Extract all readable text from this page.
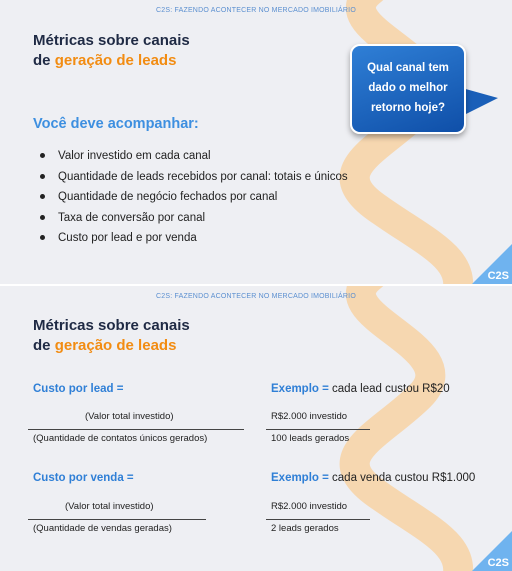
C2S: FAZENDO ACONTECER NO MERCADO IMOBILIÁRIO
Métricas sobre canais
de geração de leads	Qual canal tem
dado o melhor
retorno hoje?
Você deve acompanhar:
Valor investido em cada canal
Quantidade de leads recebidos por canal: totais e únicos
Quantidade de negócio fechados por canal
Taxa de conversão por canal
Custo por lead e por venda
C2S
C2S: FAZENDO ACONTECER NO MERCADO IMOBILIÁRIO
Métricas sobre canais
de geração de leads
Custo por lead =
(Valor total investido)
(Quantidade de contatos únicos gerados)
Exemplo = cada lead custou R$20
R$2.000 investido
100 leads gerados
Custo por venda =
(Valor total investido)
(Quantidade de vendas geradas)
Exemplo = cada venda custou R$1.000
R$2.000 investido
2 leads gerados
C2S
